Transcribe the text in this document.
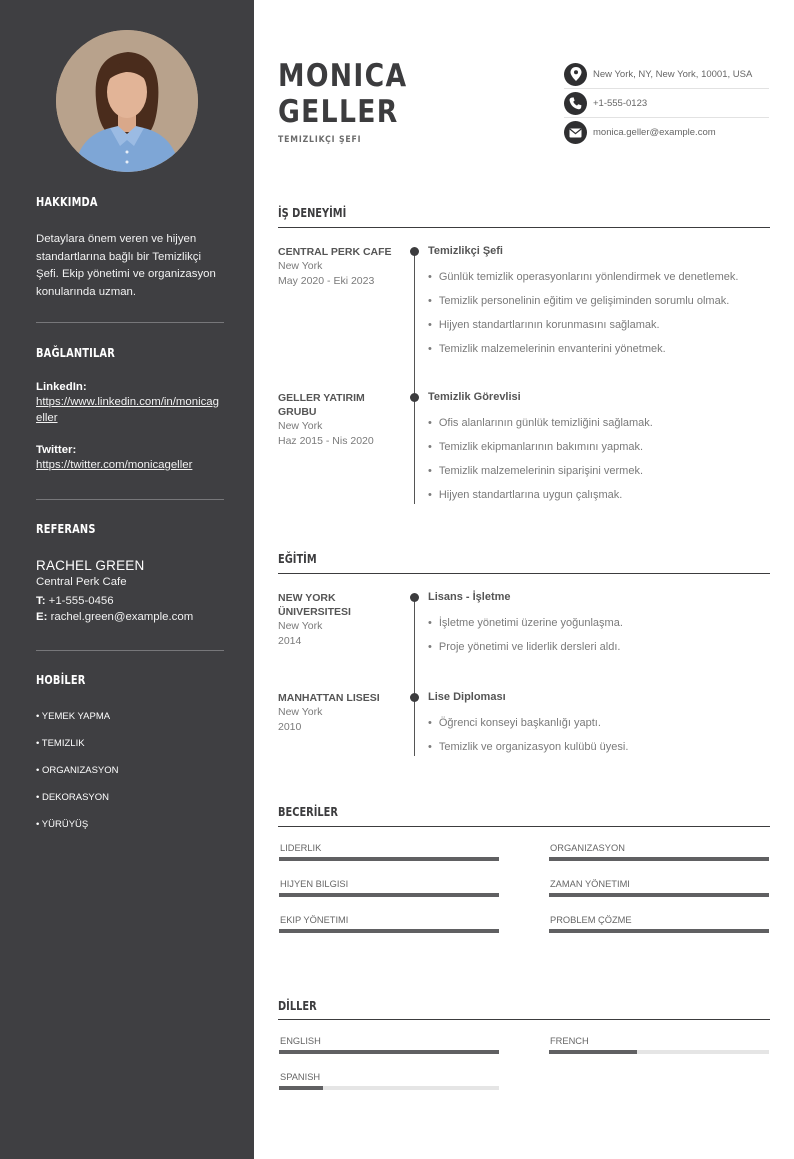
HAKKIMDA
Detaylara önem veren ve hijyen standartlarına bağlı bir Temizlikçi Şefi. Ekip yönetimi ve organizasyon konularında uzman.
BAĞLANTILAR
LinkedIn:
https://www.linkedin.com/in/monicageller
Twitter:
https://twitter.com/monicageller
REFERANS
RACHEL GREEN
Central Perk Cafe
T: +1-555-0456
E: rachel.green@example.com
HOBİLER
• YEMEK YAPMA
• TEMIZLIK
• ORGANIZASYON
• DEKORASYON
• YÜRÜYÜŞ
MONICA
GELLER
TEMIZLIKÇI ŞEFI
New York, NY, New York, 10001, USA
+1-555-0123
monica.geller@example.com
İŞ DENEYİMİ
CENTRAL PERK CAFE
New York
May 2020 - Eki 2023
Temizlikçi Şefi
• Günlük temizlik operasyonlarını yönlendirmek ve denetlemek.
• Temizlik personelinin eğitim ve gelişiminden sorumlu olmak.
• Hijyen standartlarının korunmasını sağlamak.
• Temizlik malzemelerinin envanterini yönetmek.
GELLER YATIRIM GRUBU
New York
Haz 2015 - Nis 2020
Temizlik Görevlisi
• Ofis alanlarının günlük temizliğini sağlamak.
• Temizlik ekipmanlarının bakımını yapmak.
• Temizlik malzemelerinin siparişini vermek.
• Hijyen standartlarına uygun çalışmak.
EĞİTİM
NEW YORK ÜNIVERSITESI
New York
2014
Lisans - İşletme
• İşletme yönetimi üzerine yoğunlaşma.
• Proje yönetimi ve liderlik dersleri aldı.
MANHATTAN LISESI
New York
2010
Lise Diploması
• Öğrenci konseyi başkanlığı yaptı.
• Temizlik ve organizasyon kulübü üyesi.
BECERİLER
LIDERLIK	ORGANIZASYON
HIJYEN BILGISI	ZAMAN YÖNETIMI
EKIP YÖNETIMI	PROBLEM ÇÖZME
DİLLER
ENGLISH	FRENCH
SPANISH
